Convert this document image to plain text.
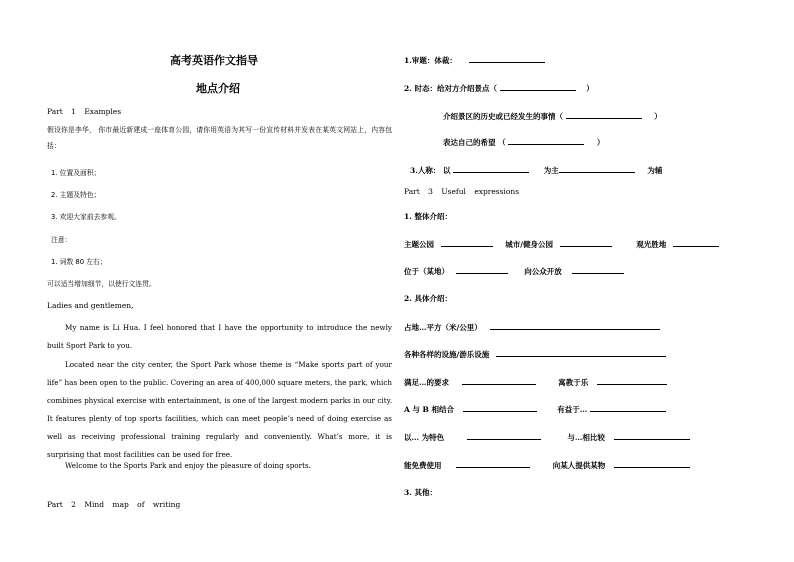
高考英语作文指导
地点介绍
Part 1 Examples
假设你是李华， 你市最近新建成一座体育公园，请你用英语为其写一份宣传材料并发表在某英文网站上，内容包括：
1. 位置及面积；
2. 主题及特色；
3. 欢迎大家前去参观。
注意：
1. 词数 80 左右；
可以适当增加细节，以使行文连贯。
Ladies and gentlemen,
My name is Li Hua. I feel honored that I have the opportunity to introduce the newly built Sport Park to you.
Located near the city center, the Sport Park whose theme is “Make sports part of your life” has been open to the public. Covering an area of 400,000 square meters, the park, which combines physical exercise with entertainment, is one of the largest modern parks in our city. It features plenty of top sports facilities, which can meet people’s need of doing exercise as well as receiving professional training regularly and conveniently. What’s more, it is surprising that most facilities can be used for free.
Welcome to the Sports Park and enjoy the pleasure of doing sports.
Part 2 Mind map of writing
1.审题：体裁：
2. 时态：给对方介绍景点（	）
介绍景区的历史或已经发生的事情（	）
表达自己的希望 （	）
3.人称： 以	为主	为辅
Part 3 Useful expressions
1. 整体介绍：
主题公园	城市/健身公园	观光胜地
位于（某地）	向公众开放
2. 具体介绍：
占地…平方（米/公里）
各种各样的设施/游乐设施
满足…的要求	寓教于乐
A 与 B 相结合	有益于…
以… 为特色	与…相比较
能免费使用	向某人提供某物
3. 其他：
